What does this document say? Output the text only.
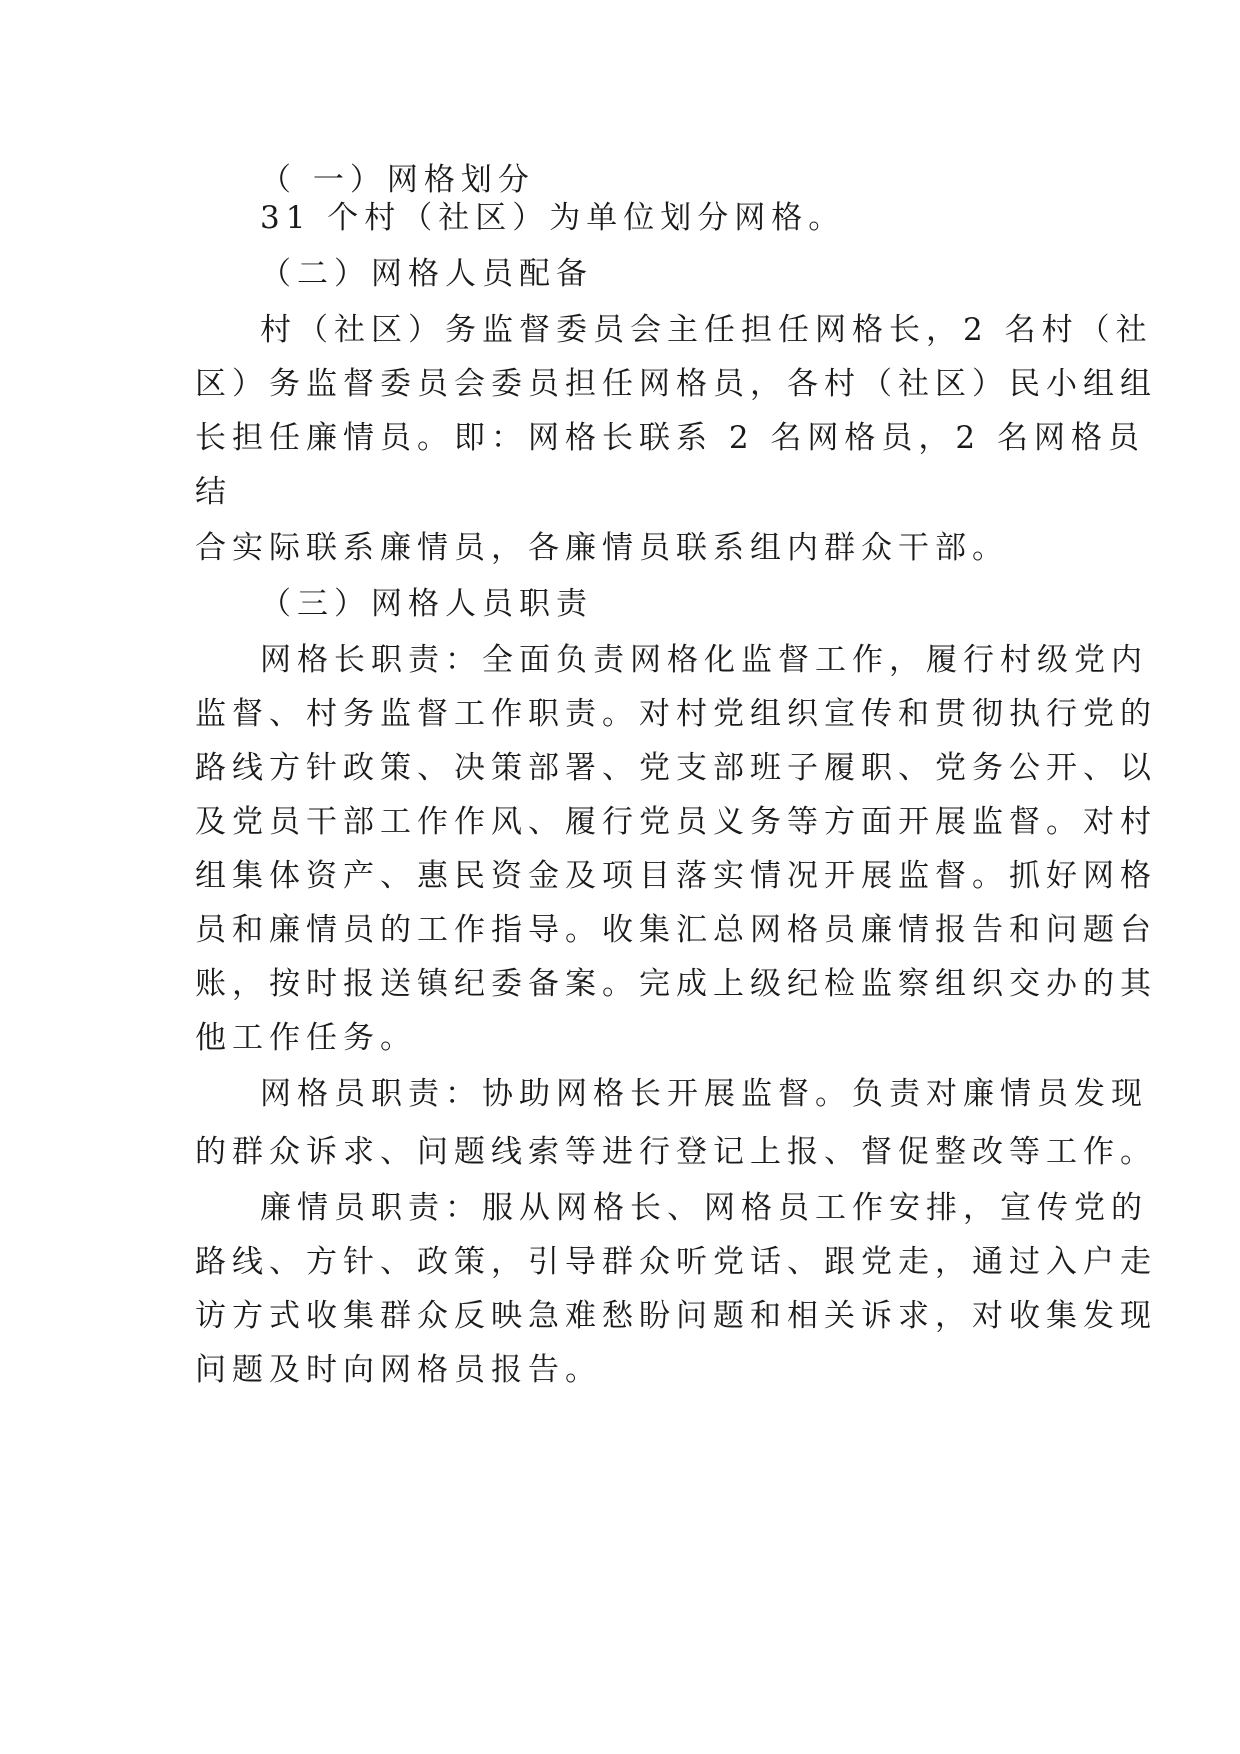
（ 一）网格划分

31 个村（社区）为单位划分网格。

（二）网格人员配备

村（社区）务监督委员会主任担任网格长，2 名村（社

区）务监督委员会委员担任网格员，各村（社区）民小组组

长担任廉情员。即：网格长联系 2 名网格员，2 名网格员

结

合实际联系廉情员，各廉情员联系组内群众干部。

（三）网格人员职责

网格长职责：全面负责网格化监督工作，履行村级党内

监督、村务监督工作职责。对村党组织宣传和贯彻执行党的

路线方针政策、决策部署、党支部班子履职、党务公开、以

及党员干部工作作风、履行党员义务等方面开展监督。对村

组集体资产、惠民资金及项目落实情况开展监督。抓好网格

员和廉情员的工作指导。收集汇总网格员廉情报告和问题台

账，按时报送镇纪委备案。完成上级纪检监察组织交办的其

他工作任务。

网格员职责：协助网格长开展监督。负责对廉情员发现

的群众诉求、问题线索等进行登记上报、督促整改等工作。

廉情员职责：服从网格长、网格员工作安排，宣传党的

路线、方针、政策，引导群众听党话、跟党走，通过入户走

访方式收集群众反映急难愁盼问题和相关诉求，对收集发现

问题及时向网格员报告。
